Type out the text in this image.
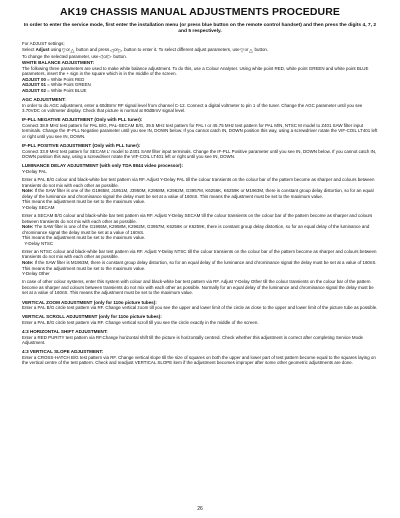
AK19 CHASSIS MANUAL ADJUSTMENTS PROCEDURE
In order to enter the service mode, first enter the installation menu (or press blue button on the remote control handset) and then press the digits 4, 7, 2 and 5 respectively.

For ADJUST settings;

Select Adjust using▽or△ button and press◁or▷ button to enter it. To select different adjust parameters, use▽or△ button.

To change the selected parameter, use◁or▷ button.

WHITE BALANCE ADJUSTMENT:

The following three parameters are used to make white balance adjustment. To do this, use a Colour Analyser. Using white point RED, white point GREEN and white point BLUE parameters, insert the + sign in the square which is in the middle of the screen.

ADJUST 00 = White Point RED

ADJUST 01 = White Point GREEN

ADJUST 02 = White Point BLUE

AGC ADJUSTMENT:

In order to do AGC adjustment, enter a 60dBmV RF signal level from channel C-12. Connect a digital voltmeter to pin 1 of the tuner. Change the AGC parameter until you see 3.70VDC on voltmeter display. Check that picture is normal at 90dBmV signal level.

IF-PLL NEGATIVE ADJUSTMENT (Only with PLL tuner):

Connect 38.9 MHz test pattern for PAL B/G, PAL-SECAM B/G, 39.5 MHz test pattern for PAL I or 45.75 MHz test pattern for PAL M/N, NTSC M model to Z401 SAW filter input terminals. Change the IF-PLL Negative parameter until you see IN, DOWN below. If you cannot catch IN, DOWN position this way, using a screwdriver rotate the VIF-COIL LT401 left or right until you see IN, DOWN.

IF-PLL POSITIVE ADJUSTMENT (Only with PLL tuner):

Connect 33.9 MHz test pattern for SECAM L' model to Z401 SAW filter input terminals. Change the IF-PLL Positive parameter until you see IN, DOWN below. If you cannot catch IN, DOWN position this way, using a screwdriver rotate the VIF-COIL LT401 left or right until you see IN, DOWN.

LUMINANCE DELAY ADJUSTMENT (with only TDA 8844 video processor):

Y-Delay PAL

Enter a PAL B/G colour and black-white bar test pattern via RF. Adjust Y-Delay PAL till the colour transients on the colour bar of the pattern become as sharper and colours between transients do not mix with each other as possible.

Note: If the SAW filter is one of the G1965M, J1951M, J3950M, K2958M, K2962M, G3957M, K6256K, K6259K or M1963M, there is constant group delay distortion, so for an equal delay of the luminance and chrominance signal the delay must be set at a value of 160nS. This means the adjustment must be set to the maximum value.

This means the adjustment must be set to the maximum value.

Y-Delay SECAM

Enter a SECAM B/G colour and black-white bar test pattern via RF. Adjust Y-Delay SECAM till the colour transients on the colour bar of the pattern become as sharper and colours between transients do not mix with each other as possible.

Note: The SAW filter is one of the G1965M, K2958M, K2962M, G3957M, K6256K or K6259K, there is constant group delay distortion, so for an equal delay of the luminance and chrominance signal the delay must be set at a value of 160nS.

This means the adjustment must be set to the maximum value.

Y-Delay NTSC

Enter an NTSC colour and black-white bar test pattern via RF. Adjust Y-Delay NTSC till the colour transients on the colour bar of the pattern become as sharper and colours between transients do not mix with each other as possible.

Note: If the SAW filter is M1963M, there is constant group delay distortion, so for an equal delay of the luminance and chrominance signal the delay must be set at a value of 160nS. This means the adjustment must be set to the maximum value.

Y-Delay Other

In case of other colour systems, enter this system with colour and black-white bar test pattern via RF. Adjust Y-Delay Other till the colour transients on the colour bar of the pattern become as sharper and colours between transients do not mix with each other as possible. Normally for an equal delay of the luminance and chrominance signal the delay must be set at a value of 160nS. This means the adjustment must be set to the maximum value.

VERTICAL ZOOM ADJUSTMENT (only for 110o picture tubes):

Enter a PAL B/G circle test pattern via RF. Change vertical zoom till you see the upper and lower limit of the circle as close to the upper and lower limit of the picture tube as possible.

VERTICAL SCROLL ADJUSTMENT (only for 110o picture tubes):

Enter a PAL B/G circle test pattern via RF. Change vertical scroll till you see the circle exactly in the middle of the screen.

4:3 HORIZONTAL SHIFT ADJUSTMENT:

Enter a RED PURITY test pattern via RF.Change horizontal shift till the picture is horizontally centred. Check whether this adjustment is correct after completing Service Mode Adjustment.

4:3 VERTICAL SLOPE ADJUSTMENT:

Enter a CROSS-HATCH B/G test pattern via RF. Change vertical slope till the size of squares on both the upper and lower part of test pattern become equal to the squares laying on the vertical centre of the test pattern. Check and readjust VERTICAL SLOPE item if the adjustment becomes improper after some other geometric adjustments are done.

26
